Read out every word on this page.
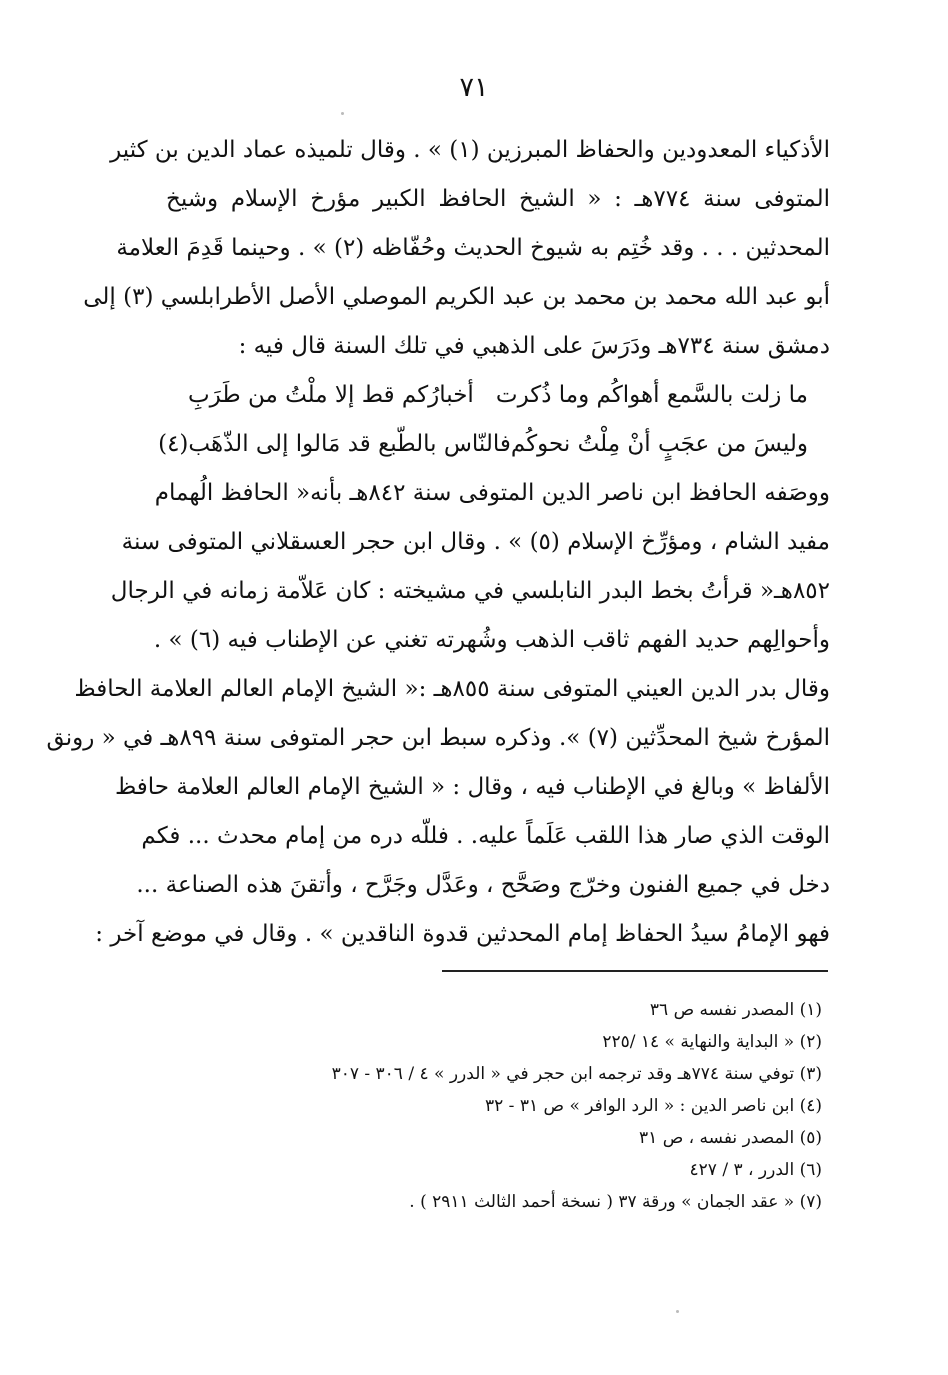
٧١
الأذكياء المعدودين والحفاظ المبرزين (١) » . وقال تلميذه عماد الدين بن كثير
المتوفى سنة ٧٧٤هـ : « الشيخ الحافظ الكبير مؤرخ الإسلام وشيخ
المحدثين . . . وقد خُتِم به شيوخ الحديث وحُفّاظه (٢) » . وحينما قَدِمَ العلامة
أبو عبد الله محمد بن محمد بن عبد الكريم الموصلي الأصل الأطرابلسي (٣) إلى
دمشق سنة ٧٣٤هـ ودَرَسَ على الذهبي في تلك السنة قال فيه :
ما زلت بالسَّمع أهواكُم وما ذُكرت
أخبارُكم قط إلا ملْتُ من طَرَبِ
وليسَ من عجَبٍ أنْ مِلْتُ نحوكُم
فالنّاس بالطّبع قد مَالوا إلى الذّهَب(٤)
ووصَفه الحافظ ابن ناصر الدين المتوفى سنة ٨٤٢هـ بأنه« الحافظ الُهمام
مفيد الشام ، ومؤرِّخ الإسلام (٥) » . وقال ابن حجر العسقلاني المتوفى سنة
٨٥٢هـ« قرأتُ بخط البدر النابلسي في مشيخته : كان عَلاّمة زمانه في الرجال
وأحوالِهم حديد الفهم ثاقب الذهب وشُهرته تغني عن الإطناب فيه (٦) » .
وقال بدر الدين العيني المتوفى سنة ٨٥٥هـ :« الشيخ الإمام العالم العلامة الحافظ
المؤرخ شيخ المحدِّثين (٧) ». وذكره سبط ابن حجر المتوفى سنة ٨٩٩هـ في « رونق
الألفاظ » وبالغ في الإطناب فيه ، وقال : « الشيخ الإمام العالم العلامة حافظ
الوقت الذي صار هذا اللقب عَلَماً عليه. . فللّه دره من إمام محدث ... فكم
دخل في جميع الفنون وخرّج وصَحَّح ، وعَدَّل وجَرَّح ، وأتقنَ هذه الصناعة ...
فهو الإمامُ سيدُ الحفاظ إمام المحدثين قدوة الناقدين » . وقال في موضع آخر :
(١) المصدر نفسه ص ٣٦
(٢) « البداية والنهاية » ١٤ /٢٢٥
(٣) توفي سنة ٧٧٤هـ وقد ترجمه ابن حجر في « الدرر » ٤ / ٣٠٦ - ٣٠٧
(٤) ابن ناصر الدين : « الرد الوافر » ص ٣١ - ٣٢
(٥) المصدر نفسه ، ص ٣١
(٦) الدرر ، ٣ / ٤٢٧
(٧) « عقد الجمان » ورقة ٣٧ ( نسخة أحمد الثالث ٢٩١١ ) .
